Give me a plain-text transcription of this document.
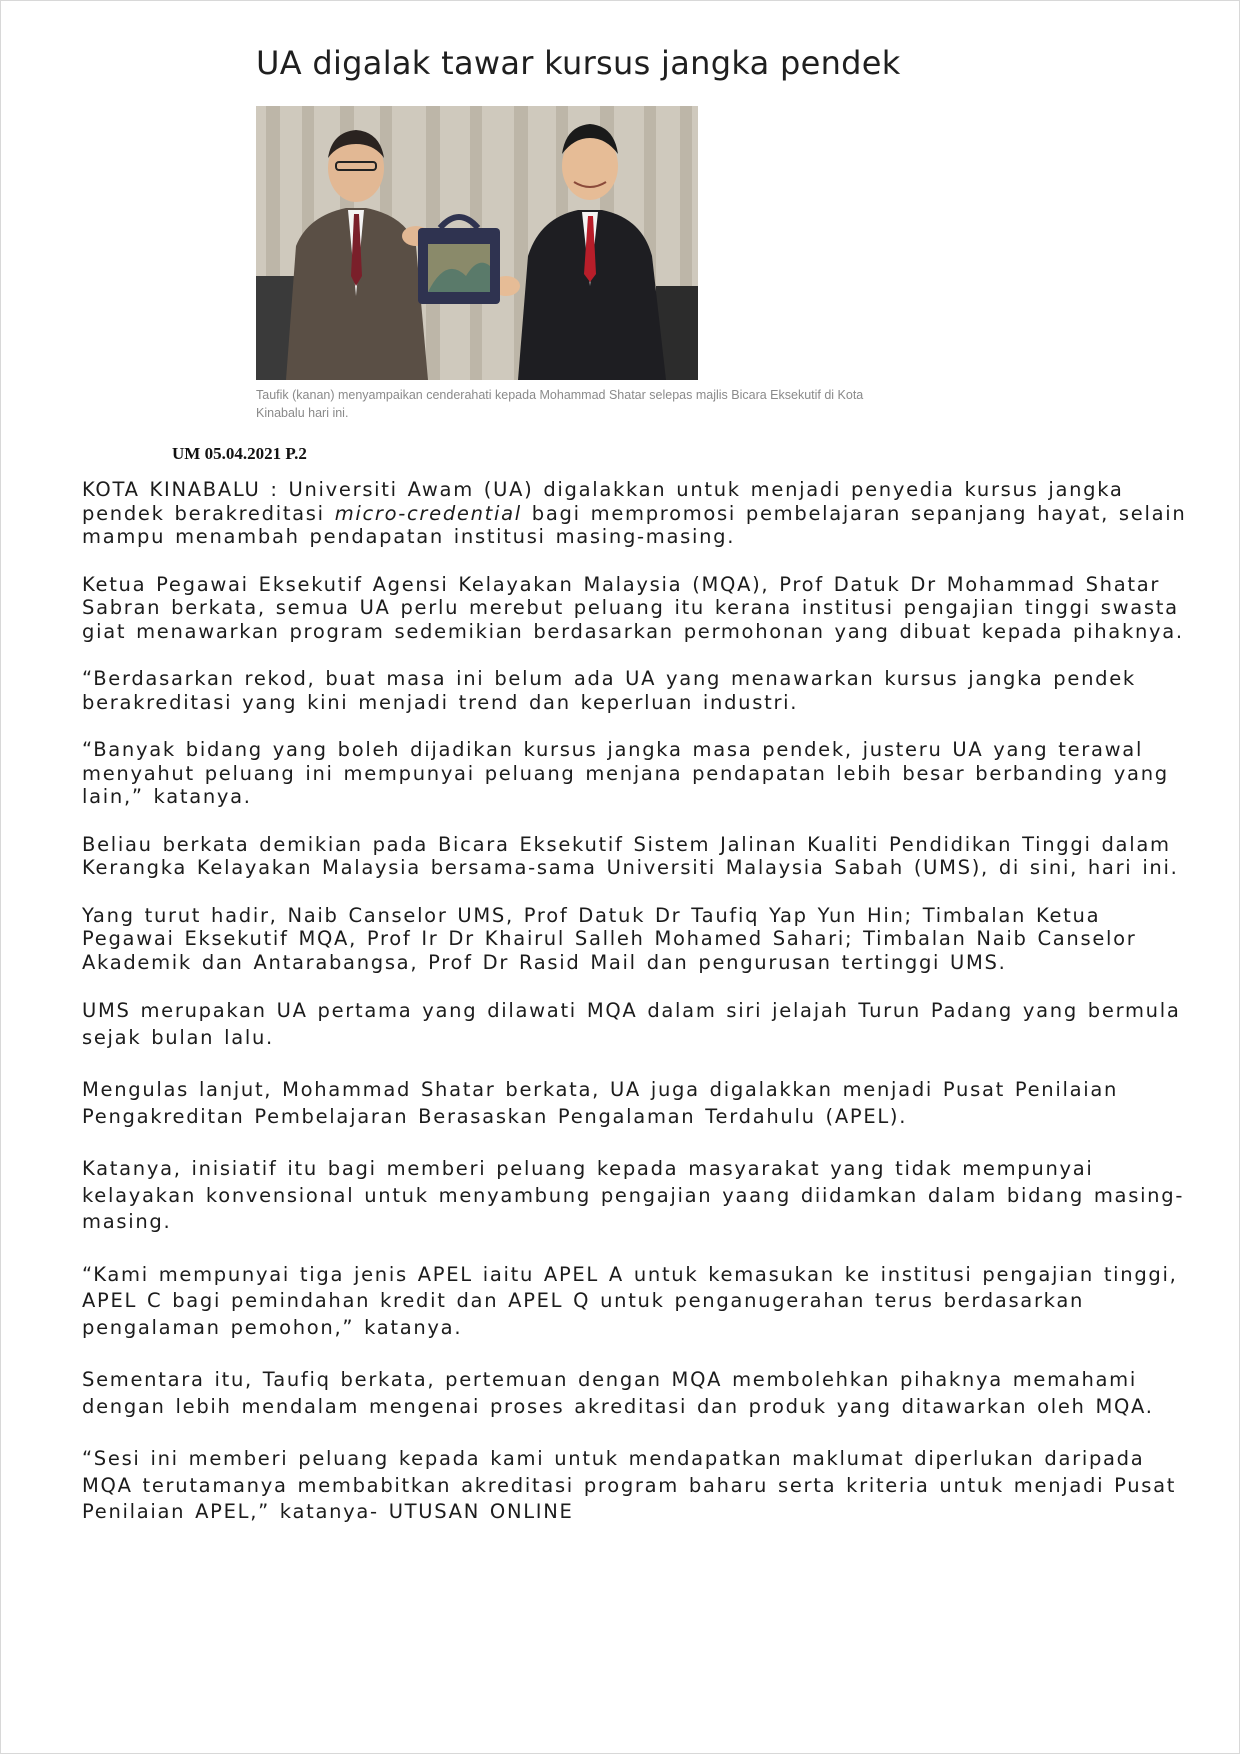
UA digalak tawar kursus jangka pendek

Taufik (kanan) menyampaikan cenderahati kepada Mohammad Shatar selepas majlis Bicara Eksekutif di Kota Kinabalu hari ini.

UM 05.04.2021 P.2

KOTA KINABALU : Universiti Awam (UA) digalakkan untuk menjadi penyedia kursus jangka pendek berakreditasi micro-credential bagi mempromosi pembelajaran sepanjang hayat, selain mampu menambah pendapatan institusi masing-masing.

Ketua Pegawai Eksekutif Agensi Kelayakan Malaysia (MQA), Prof Datuk Dr Mohammad Shatar Sabran berkata, semua UA perlu merebut peluang itu kerana institusi pengajian tinggi swasta giat menawarkan program sedemikian berdasarkan permohonan yang dibuat kepada pihaknya.

“Berdasarkan rekod, buat masa ini belum ada UA yang menawarkan kursus jangka pendek berakreditasi yang kini menjadi trend dan keperluan industri.

“Banyak bidang yang boleh dijadikan kursus jangka masa pendek, justeru UA yang terawal menyahut peluang ini mempunyai peluang menjana pendapatan lebih besar berbanding yang lain,” katanya.

Beliau berkata demikian pada Bicara Eksekutif Sistem Jalinan Kualiti Pendidikan Tinggi dalam Kerangka Kelayakan Malaysia bersama-sama Universiti Malaysia Sabah (UMS), di sini, hari ini.

Yang turut hadir, Naib Canselor UMS, Prof Datuk Dr Taufiq Yap Yun Hin; Timbalan Ketua Pegawai Eksekutif MQA, Prof Ir Dr Khairul Salleh Mohamed Sahari; Timbalan Naib Canselor Akademik dan Antarabangsa, Prof Dr Rasid Mail dan pengurusan tertinggi UMS.

UMS merupakan UA pertama yang dilawati MQA dalam siri jelajah Turun Padang yang bermula sejak bulan lalu.

Mengulas lanjut, Mohammad Shatar berkata, UA juga digalakkan menjadi Pusat Penilaian Pengakreditan Pembelajaran Berasaskan Pengalaman Terdahulu (APEL).

Katanya, inisiatif itu bagi memberi peluang kepada masyarakat yang tidak mempunyai kelayakan konvensional untuk menyambung pengajian yaang diidamkan dalam bidang masing-masing.

“Kami mempunyai tiga jenis APEL iaitu APEL A untuk kemasukan ke institusi pengajian tinggi, APEL C bagi pemindahan kredit dan APEL Q untuk penganugerahan terus berdasarkan pengalaman pemohon,” katanya.

Sementara itu, Taufiq berkata, pertemuan dengan MQA membolehkan pihaknya memahami dengan lebih mendalam mengenai proses akreditasi dan produk yang ditawarkan oleh MQA.

“Sesi ini memberi peluang kepada kami untuk mendapatkan maklumat diperlukan daripada MQA terutamanya membabitkan akreditasi program baharu serta kriteria untuk menjadi Pusat Penilaian APEL,” katanya- UTUSAN ONLINE
